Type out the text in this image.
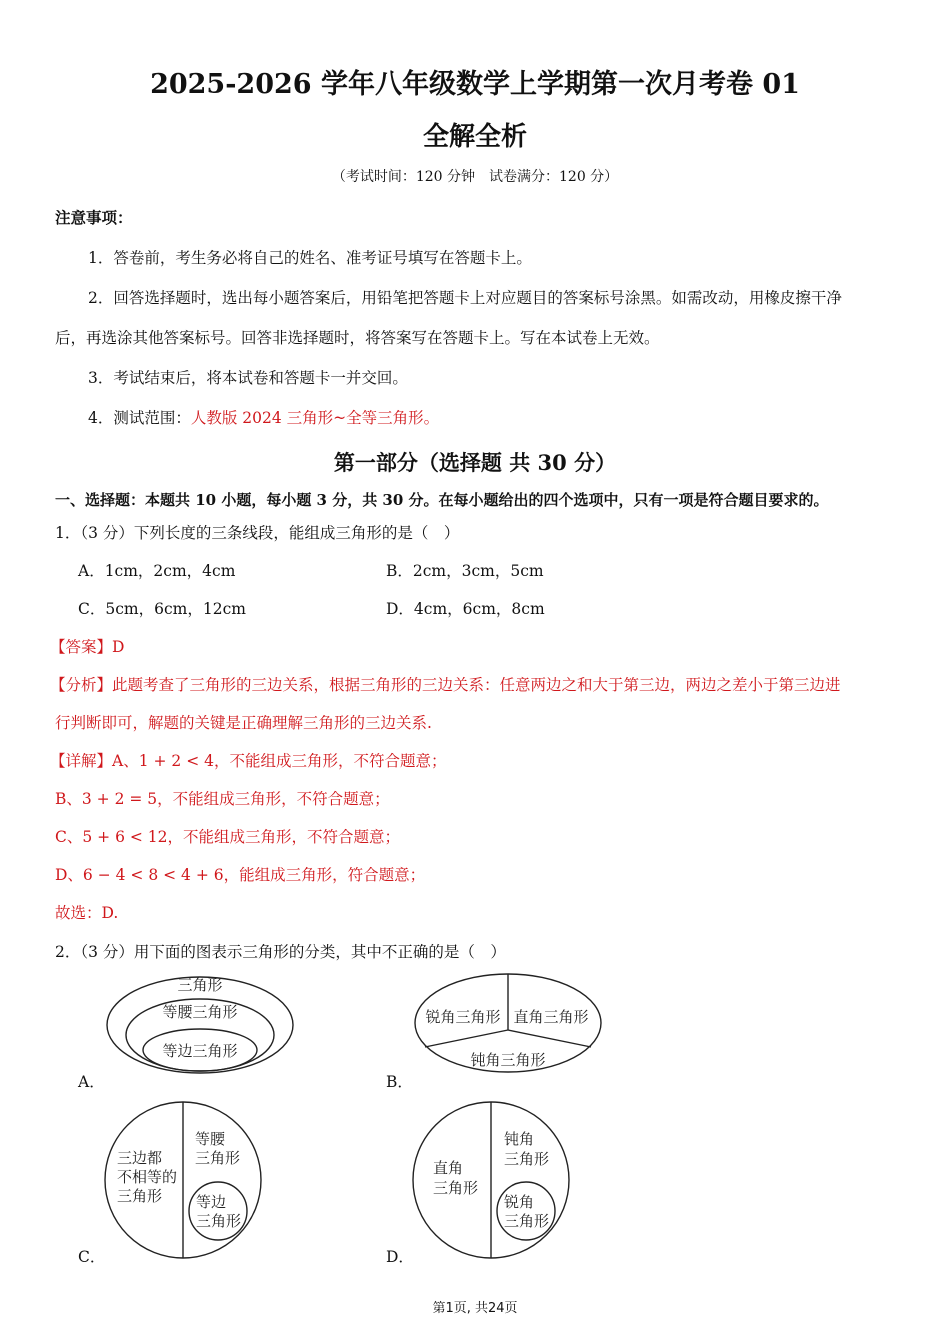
2025-2026 学年八年级数学上学期第一次月考卷 01
全解全析
（考试时间：120 分钟　试卷满分：120 分）
注意事项：
1．答卷前，考生务必将自己的姓名、准考证号填写在答题卡上。
2．回答选择题时，选出每小题答案后，用铅笔把答题卡上对应题目的答案标号涂黑。如需改动，用橡皮擦干净
后，再选涂其他答案标号。回答非选择题时，将答案写在答题卡上。写在本试卷上无效。
3．考试结束后，将本试卷和答题卡一并交回。
4．测试范围：人教版 2024 三角形~全等三角形。
第一部分（选择题 共 30 分）
一、选择题：本题共 10 小题，每小题 3 分，共 30 分。在每小题给出的四个选项中，只有一项是符合题目要求的。
1．（3 分）下列长度的三条线段，能组成三角形的是（　）
A．1cm，2cm，4cm	B．2cm，3cm，5cm
C．5cm，6cm，12cm	D．4cm，6cm，8cm
【答案】D
【分析】此题考查了三角形的三边关系，根据三角形的三边关系：任意两边之和大于第三边，两边之差小于第三边进
行判断即可，解题的关键是正确理解三角形的三边关系.
【详解】A、1 + 2 < 4，不能组成三角形，不符合题意；
B、3 + 2 = 5，不能组成三角形，不符合题意；
C、5 + 6 < 12，不能组成三角形，不符合题意；
D、6 − 4 < 8 < 4 + 6，能组成三角形，符合题意；
故选：D.
2．（3 分）用下面的图表示三角形的分类，其中不正确的是（　）
三角形
等腰三角形
等边三角形
A．
锐角三角形 直角三角形
钝角三角形
B．
三边都
不相等的
三角形
等腰
三角形
等边
三角形
C．
直角
三角形
钝角
三角形
锐角
三角形
D．
第1页, 共24页
